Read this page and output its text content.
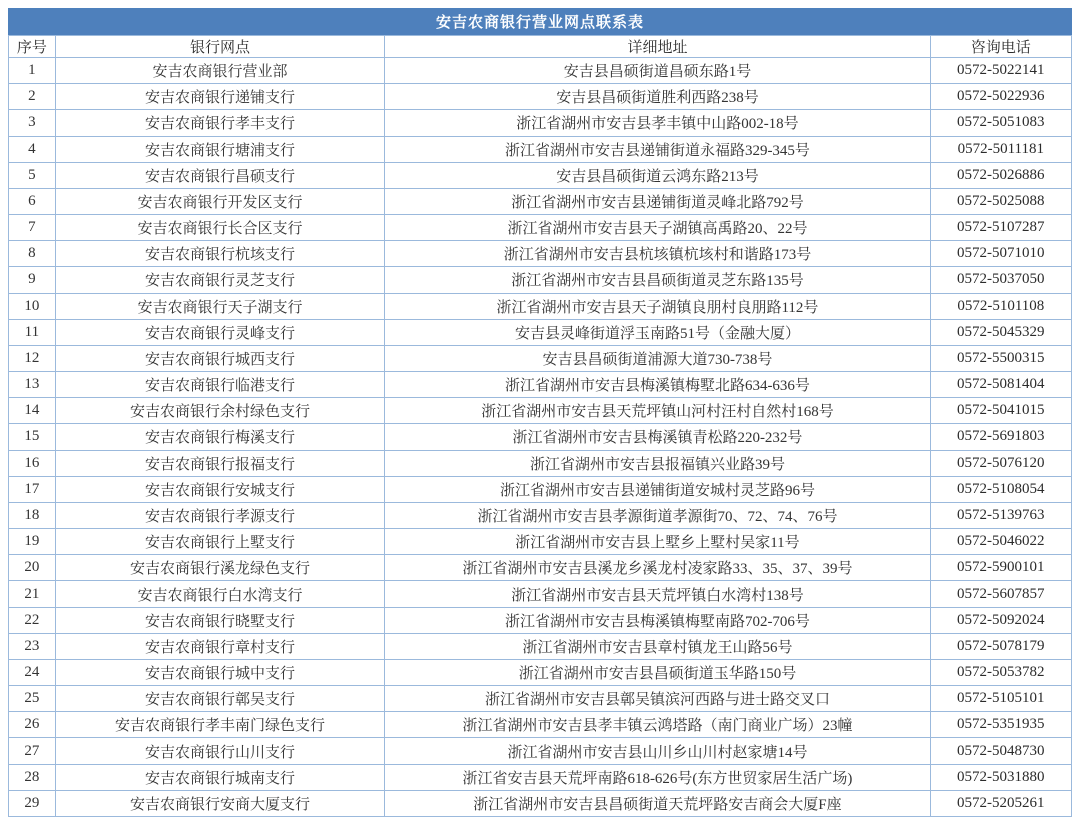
安吉农商银行营业网点联系表
序号	银行网点	详细地址	咨询电话
1	安吉农商银行营业部	安吉县昌硕街道昌硕东路1号	0572-5022141
2	安吉农商银行递铺支行	安吉县昌硕街道胜利西路238号	0572-5022936
3	安吉农商银行孝丰支行	浙江省湖州市安吉县孝丰镇中山路002-18号	0572-5051083
4	安吉农商银行塘浦支行	浙江省湖州市安吉县递铺街道永福路329-345号	0572-5011181
5	安吉农商银行昌硕支行	安吉县昌硕街道云鸿东路213号	0572-5026886
6	安吉农商银行开发区支行	浙江省湖州市安吉县递铺街道灵峰北路792号	0572-5025088
7	安吉农商银行长合区支行	浙江省湖州市安吉县天子湖镇高禹路20、22号	0572-5107287
8	安吉农商银行杭垓支行	浙江省湖州市安吉县杭垓镇杭垓村和谐路173号	0572-5071010
9	安吉农商银行灵芝支行	浙江省湖州市安吉县昌硕街道灵芝东路135号	0572-5037050
10	安吉农商银行天子湖支行	浙江省湖州市安吉县天子湖镇良朋村良朋路112号	0572-5101108
11	安吉农商银行灵峰支行	安吉县灵峰街道浮玉南路51号（金融大厦）	0572-5045329
12	安吉农商银行城西支行	安吉县昌硕街道浦源大道730-738号	0572-5500315
13	安吉农商银行临港支行	浙江省湖州市安吉县梅溪镇梅墅北路634-636号	0572-5081404
14	安吉农商银行余村绿色支行	浙江省湖州市安吉县天荒坪镇山河村汪村自然村168号	0572-5041015
15	安吉农商银行梅溪支行	浙江省湖州市安吉县梅溪镇青松路220-232号	0572-5691803
16	安吉农商银行报福支行	浙江省湖州市安吉县报福镇兴业路39号	0572-5076120
17	安吉农商银行安城支行	浙江省湖州市安吉县递铺街道安城村灵芝路96号	0572-5108054
18	安吉农商银行孝源支行	浙江省湖州市安吉县孝源街道孝源街70、72、74、76号	0572-5139763
19	安吉农商银行上墅支行	浙江省湖州市安吉县上墅乡上墅村吴家11号	0572-5046022
20	安吉农商银行溪龙绿色支行	浙江省湖州市安吉县溪龙乡溪龙村凌家路33、35、37、39号	0572-5900101
21	安吉农商银行白水湾支行	浙江省湖州市安吉县天荒坪镇白水湾村138号	0572-5607857
22	安吉农商银行晓墅支行	浙江省湖州市安吉县梅溪镇梅墅南路702-706号	0572-5092024
23	安吉农商银行章村支行	浙江省湖州市安吉县章村镇龙王山路56号	0572-5078179
24	安吉农商银行城中支行	浙江省湖州市安吉县昌硕街道玉华路150号	0572-5053782
25	安吉农商银行鄣吴支行	浙江省湖州市安吉县鄣吴镇滨河西路与进士路交叉口	0572-5105101
26	安吉农商银行孝丰南门绿色支行	浙江省湖州市安吉县孝丰镇云鸿塔路（南门商业广场）23幢	0572-5351935
27	安吉农商银行山川支行	浙江省湖州市安吉县山川乡山川村赵家塘14号	0572-5048730
28	安吉农商银行城南支行	浙江省安吉县天荒坪南路618-626号(东方世贸家居生活广场)	0572-5031880
29	安吉农商银行安商大厦支行	浙江省湖州市安吉县昌硕街道天荒坪路安吉商会大厦F座	0572-5205261
